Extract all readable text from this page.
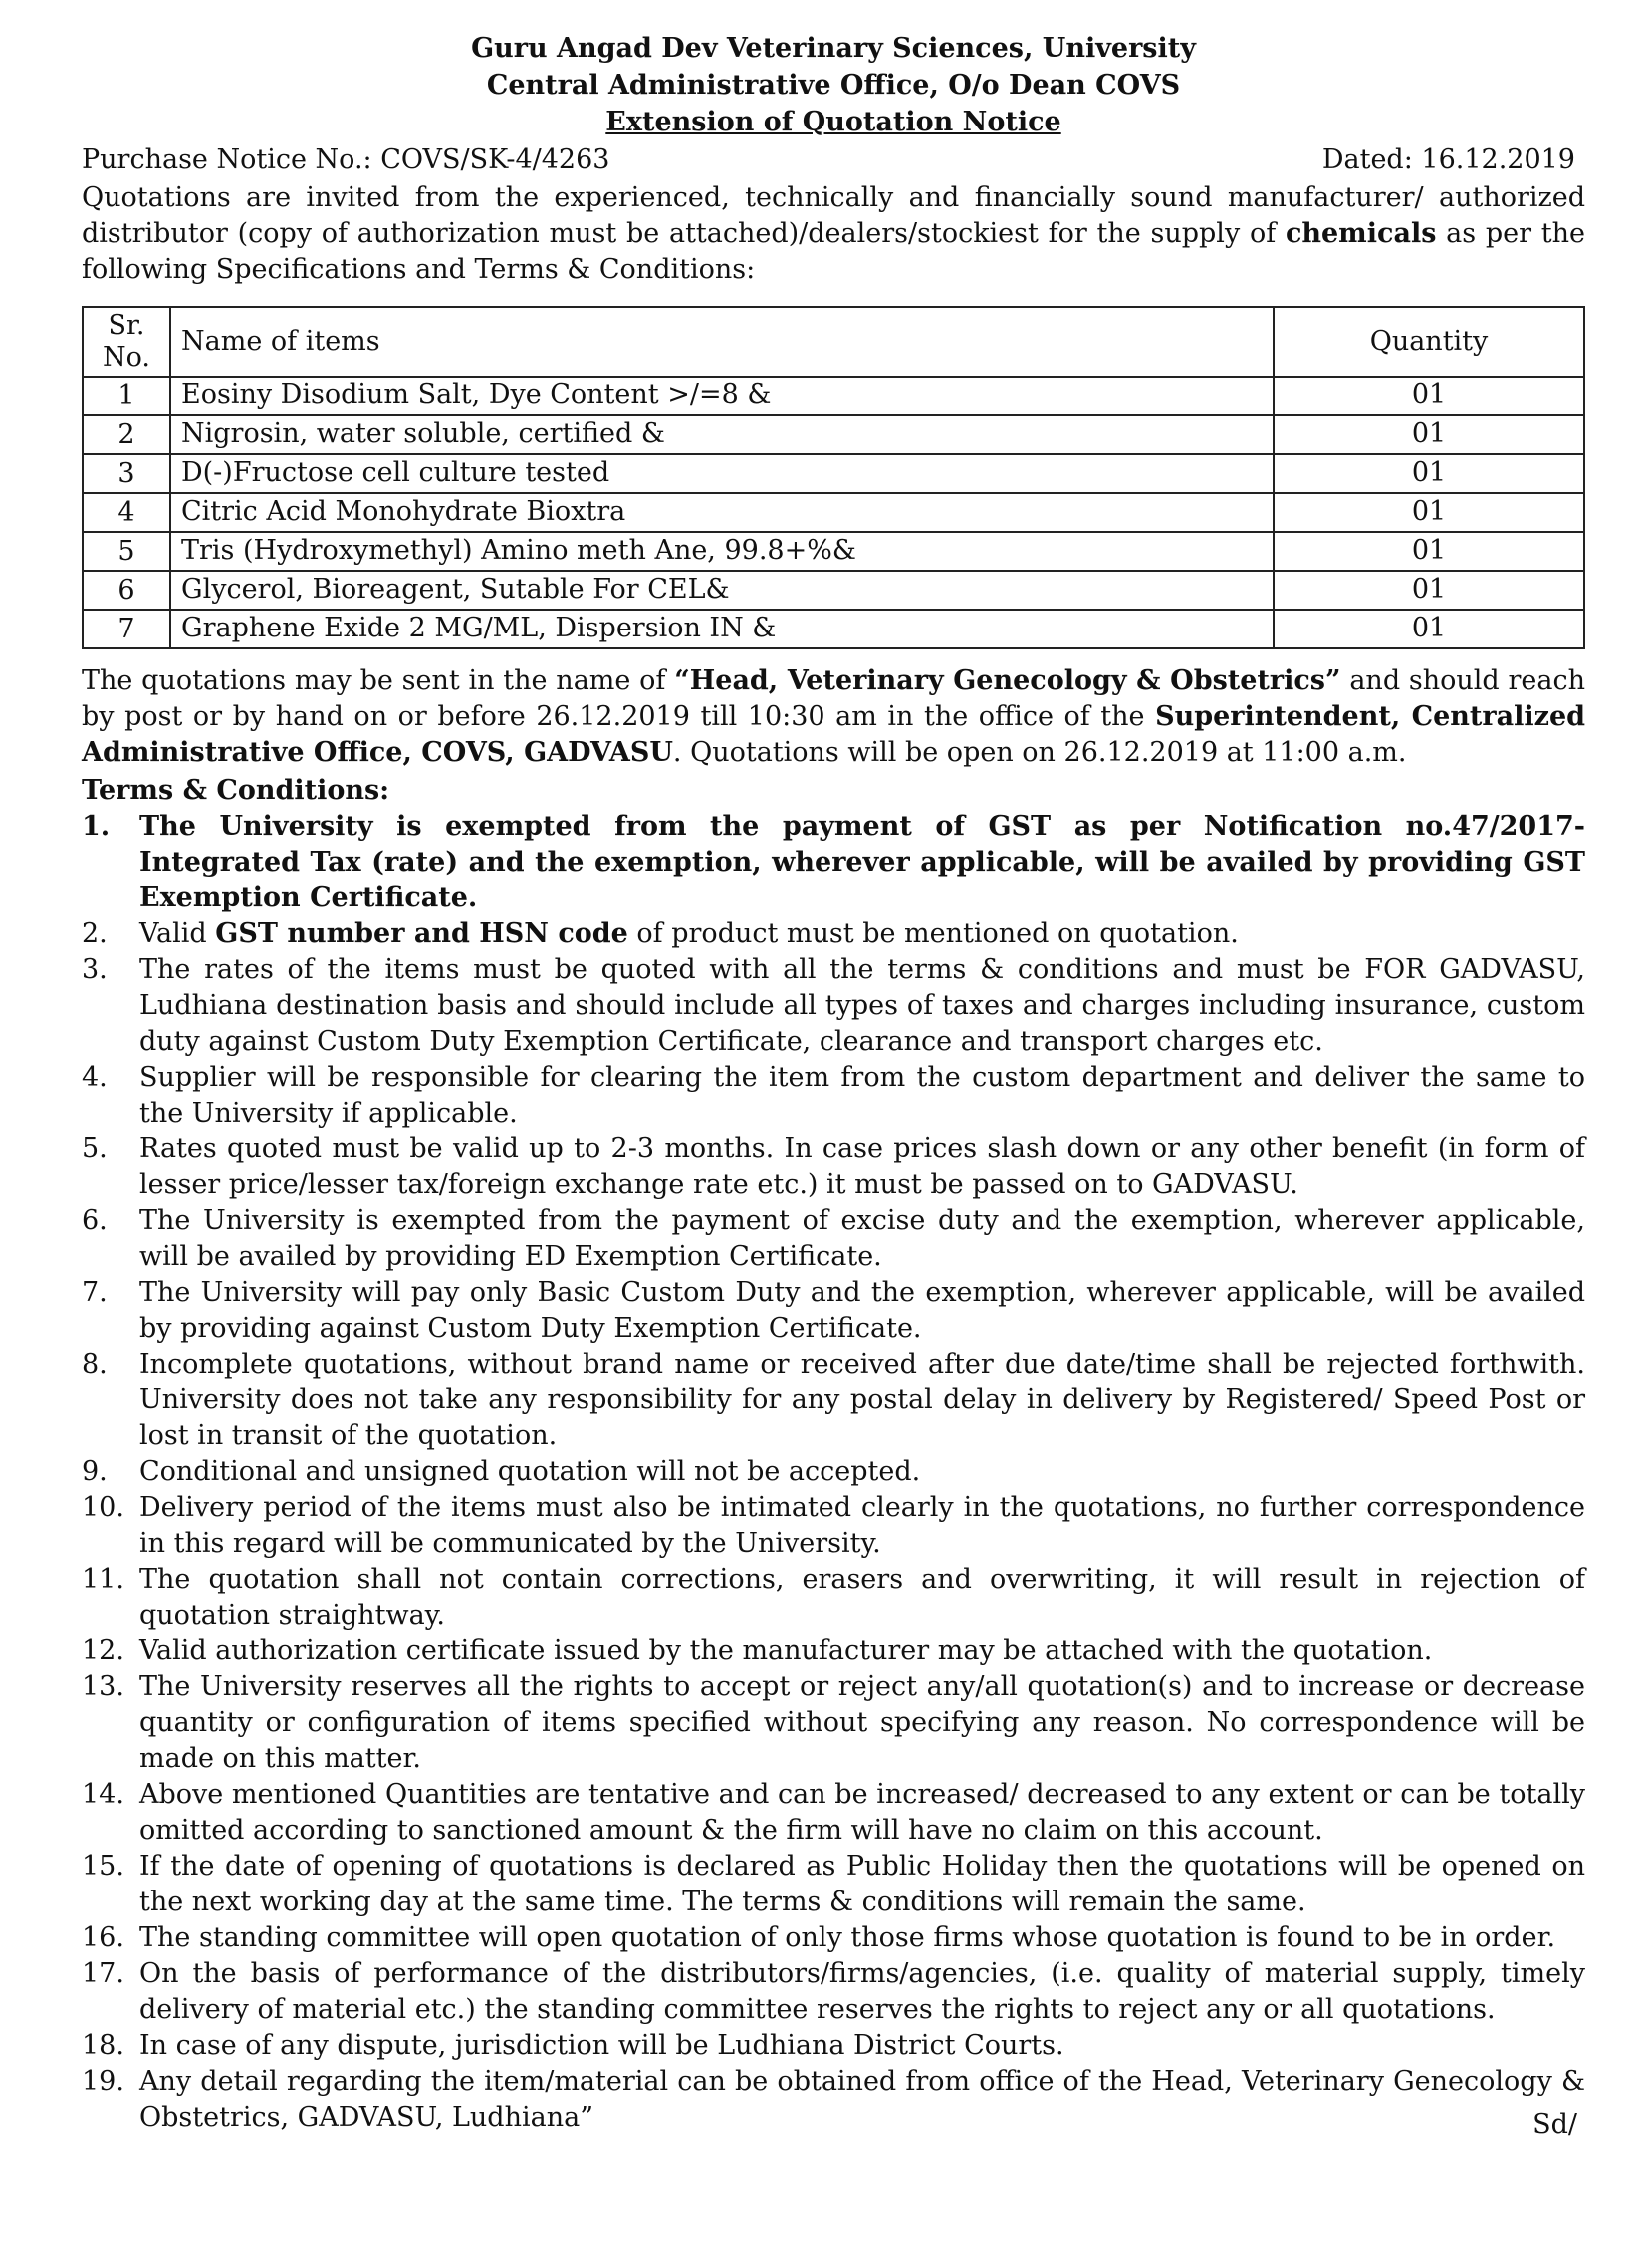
Guru Angad Dev Veterinary Sciences, University
Central Administrative Office, O/o Dean COVS
Extension of Quotation Notice
Purchase Notice No.: COVS/SK-4/4263	Dated: 16.12.2019
Quotations are invited from the experienced, technically and financially sound manufacturer/ authorized distributor (copy of authorization must be attached)/dealers/stockiest for the supply of chemicals as per the following Specifications and Terms & Conditions:
Sr. No.	Name of items	Quantity
1	Eosiny Disodium Salt, Dye Content >/=8 &	01
2	Nigrosin, water soluble, certified &	01
3	D(-)Fructose cell culture tested	01
4	Citric Acid Monohydrate Bioxtra	01
5	Tris (Hydroxymethyl) Amino meth Ane, 99.8+%&	01
6	Glycerol, Bioreagent, Sutable For CEL&	01
7	Graphene Exide 2 MG/ML, Dispersion IN &	01
The quotations may be sent in the name of “Head, Veterinary Genecology & Obstetrics” and should reach by post or by hand on or before 26.12.2019 till 10:30 am in the office of the Superintendent, Centralized Administrative Office, COVS, GADVASU. Quotations will be open on 26.12.2019 at 11:00 a.m.
Terms & Conditions:
1.	The University is exempted from the payment of GST as per Notification no.47/2017- Integrated Tax (rate) and the exemption, wherever applicable, will be availed by providing GST Exemption Certificate.
2.	Valid GST number and HSN code of product must be mentioned on quotation.
3.	The rates of the items must be quoted with all the terms & conditions and must be FOR GADVASU, Ludhiana destination basis and should include all types of taxes and charges including insurance, custom duty against Custom Duty Exemption Certificate, clearance and transport charges etc.
4.	Supplier will be responsible for clearing the item from the custom department and deliver the same to the University if applicable.
5.	Rates quoted must be valid up to 2-3 months. In case prices slash down or any other benefit (in form of lesser price/lesser tax/foreign exchange rate etc.) it must be passed on to GADVASU.
6.	The University is exempted from the payment of excise duty and the exemption, wherever applicable, will be availed by providing ED Exemption Certificate.
7.	The University will pay only Basic Custom Duty and the exemption, wherever applicable, will be availed by providing against Custom Duty Exemption Certificate.
8.	Incomplete quotations, without brand name or received after due date/time shall be rejected forthwith. University does not take any responsibility for any postal delay in delivery by Registered/ Speed Post or lost in transit of the quotation.
9.	Conditional and unsigned quotation will not be accepted.
10. Delivery period of the items must also be intimated clearly in the quotations, no further correspondence in this regard will be communicated by the University.
11. The quotation shall not contain corrections, erasers and overwriting, it will result in rejection of quotation straightway.
12. Valid authorization certificate issued by the manufacturer may be attached with the quotation.
13. The University reserves all the rights to accept or reject any/all quotation(s) and to increase or decrease quantity or configuration of items specified without specifying any reason. No correspondence will be made on this matter.
14. Above mentioned Quantities are tentative and can be increased/ decreased to any extent or can be totally omitted according to sanctioned amount & the firm will have no claim on this account.
15. If the date of opening of quotations is declared as Public Holiday then the quotations will be opened on the next working day at the same time. The terms & conditions will remain the same.
16. The standing committee will open quotation of only those firms whose quotation is found to be in order.
17. On the basis of performance of the distributors/firms/agencies, (i.e. quality of material supply, timely delivery of material etc.) the standing committee reserves the rights to reject any or all quotations.
18. In case of any dispute, jurisdiction will be Ludhiana District Courts.
19. Any detail regarding the item/material can be obtained from office of the Head, Veterinary Genecology & Obstetrics, GADVASU, Ludhiana”	Sd/
